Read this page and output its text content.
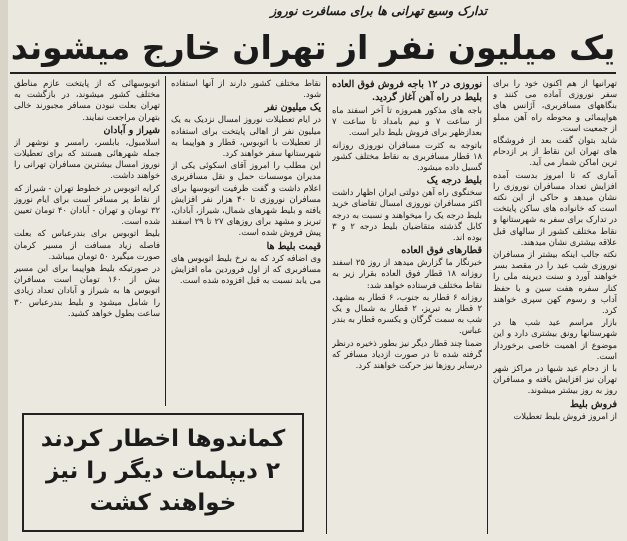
تدارک وسیع تهرانی ها برای مسافرت نوروز
یک میلیون نفر از تهران خارج میشوند

تهرانیها از هم اکنون خود را برای سفر نوروزی آماده می کنند و بنگاههای مسافربری، آژانس های هواپیمائی و محوطه راه آهن مملو از جمعیت است.

شاید بتوان گفت بعد از فروشگاه های تهران این نقاط از پر ازدحام ترین اماکن شمار می آید.

آماری که تا امروز بدست آمده افزایش تعداد مسافران نوروزی را نشان میدهد و حاکی از این نکته است که خانواده های ساکن پایتخت در تدارک برای سفر به شهرستانها و نقاط مختلف کشور از سالهای قبل علاقه بیشتری نشان میدهند.

نکته جالب اینکه بیشتر از مسافران نوروزی شب عید را در مقصد بسر خواهند آورد و سنت دیرینه ملی را کنار سفره هفت سین و با حفظ آداب و رسوم کهن سپری خواهند کرد.

بازار مراسم عید شب ها در شهرستانها رونق بیشتری دارد و این موضوع از اهمیت خاصی برخوردار است.

با از دحام عید شبها در مراکز شهر تهران نیز افزایش یافته و مسافران روز به روز بیشتر میشوند.

فروش بلیط

از امروز فروش بلیط تعطیلات

نوروزی در ۱۲ باجه فروش فوق العاده بلیط در راه آهن آغاز گردید.

باجه های مذکور همروزه تا آخر اسفند ماه از ساعت ۷ و نیم بامداد تا ساعت ۷ بعدازظهر برای فروش بلیط دایر است.

باتوجه به کثرت مسافران نوروزی روزانه ۱۸ قطار مسافربری به نقاط مختلف کشور گسیل داده میشود.

بلیط درجه یک

سخنگوی راه آهن دولتی ایران اظهار داشت اکثر مسافران نوروزی امسال تقاضای خرید بلیط درجه یک را میخواهند و نسبت به درجه کابل گذشته متقاضیان بلیط درجه ۲ و ۳ بوده اند.

قطارهای فوق العاده

خبرنگار ما گزارش میدهد از روز ۲۵ اسفند روزانه ۱۸ قطار فوق العاده بقرار زیر به نقاط مختلف فرستاده خواهد شد:

روزانه ۶ قطار به جنوب، ۶ قطار به مشهد، ۲ قطار به تبریز، ۲ قطار به شمال و یک شب به سمت گرگان و یکسره قطار به بندر عباس.

ضمنا چند قطار دیگر نیز بطور ذخیره درنظر گرفته شده تا در صورت ازدیاد مسافر که درسایر روزها نیز حرکت خواهند کرد.

نقاط مختلف کشور دارند از آنها استفاده شود.

یک میلیون نفر

در ایام تعطیلات نوروز امسال نزدیک به یک میلیون نفر از اهالی پایتخت برای استفاده از تعطیلات با اتوبوس، قطار و هواپیما به شهرستانها سفر خواهند کرد.

این مطلب را امروز آقای اسکوئی یکی از مدیران موسسات حمل و نقل مسافربری اعلام داشت و گفت ظرفیت اتوبوسها برای مسافران نوروزی تا ۴۰ هزار نفر افزایش یافته و بلیط شهرهای شمال، شیراز، آبادان، تبریز و مشهد برای روزهای ۲۷ تا ۲۹ اسفند پیش فروش شده است.

قیمت بلیط ها

وی اضافه کرد که به نرخ بلیط اتوبوس های مسافربری که از اول فروردین ماه افزایش می یابد نسبت به قبل افزوده شده است.

اتوبوسهائی که از پایتخت عازم مناطق مختلف کشور میشوند، در بازگشت به تهران بعلت نبودن مسافر مجبورند خالی بتهران مراجعت نمایند.

شیراز و آبادان

اسلامبول، بابلسر، رامسر و نوشهر از جمله شهرهائی هستند که برای تعطیلات نوروز امسال بیشترین مسافران تهرانی را خواهند داشت.

کرایه اتوبوس در خطوط تهران - شیراز که از نقاط پر مسافر است برای ایام نوروز ۳۲ تومان و تهران - آبادان ۴۰ تومان تعیین شده است.

بلیط اتوبوس برای بندرعباس که بعلت فاصله زیاد مسافت از مسیر کرمان صورت میگیرد ۵۰ تومان میباشد.

در صورتیکه بلیط هواپیما برای این مسیر بیش از ۱۶۰ تومان است مسافران اتوبوس ها به شیراز و آبادان تعداد زیادی را شامل میشود و بلیط بندرعباس ۳۰ ساعت بطول خواهد کشید.

کماندوها اخطار کردند
۲ دیپلمات دیگر را نیز
خواهند کشت
